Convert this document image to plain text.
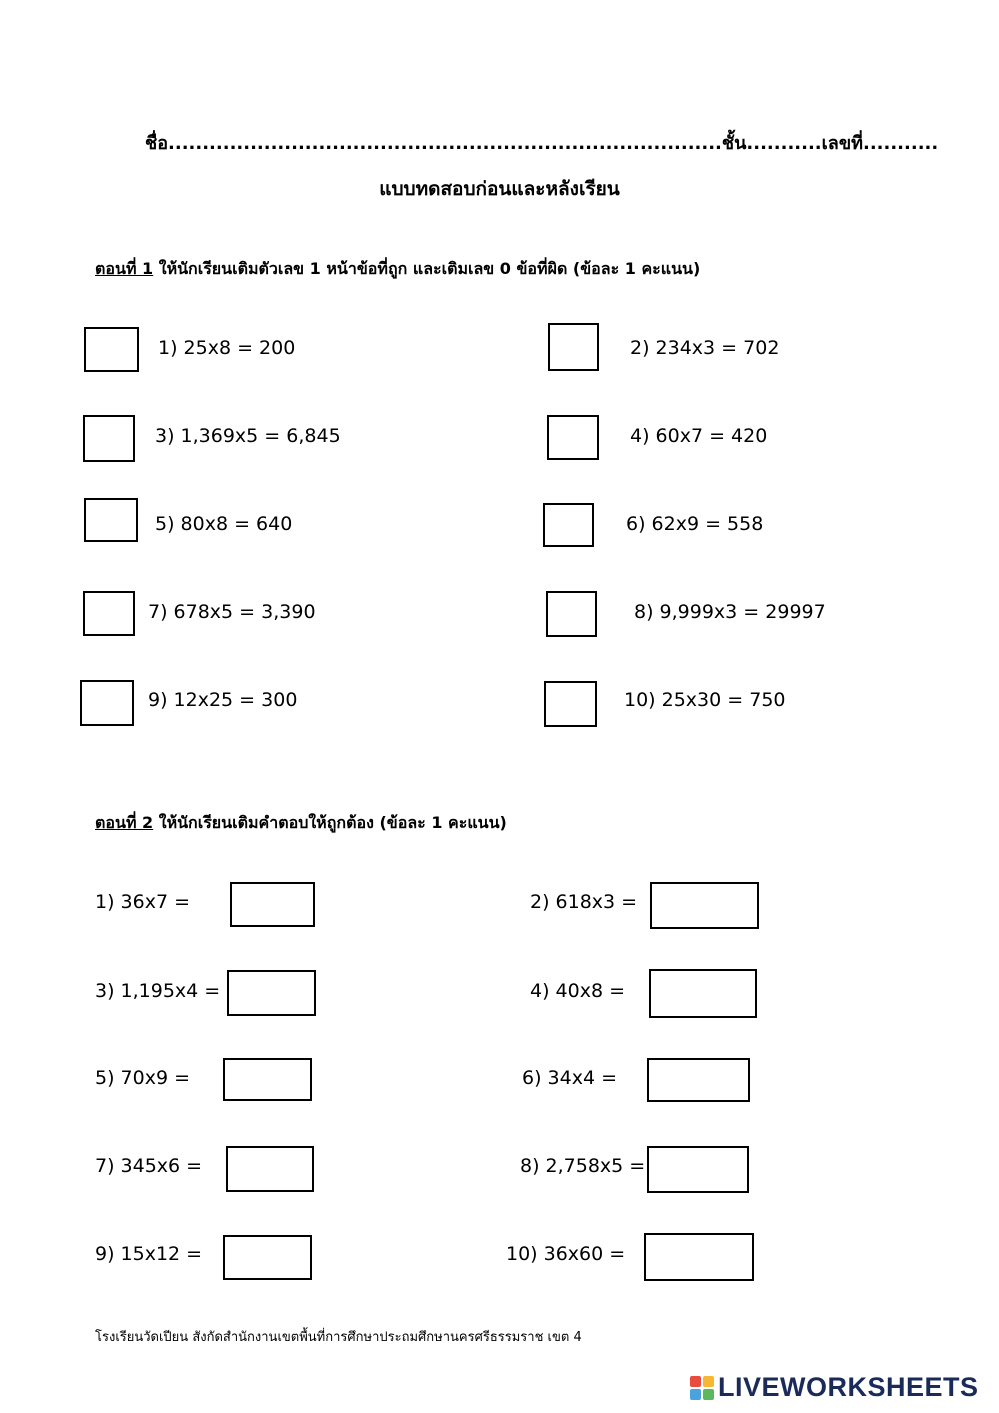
ชื่อ.................................................................................ชั้น...........เลขที่...........
แบบทดสอบก่อนและหลังเรียน
ตอนที่ 1 ให้นักเรียนเติมตัวเลข 1 หน้าข้อที่ถูก และเติมเลข 0 ข้อที่ผิด (ข้อละ 1 คะแนน)
1) 25x8 = 200	2) 234x3 = 702
3) 1,369x5 = 6,845	4) 60x7 = 420
5) 80x8 = 640	6) 62x9 = 558
7) 678x5 = 3,390	8) 9,999x3 = 29997
9) 12x25 = 300	10) 25x30 = 750
ตอนที่ 2 ให้นักเรียนเติมคำตอบให้ถูกต้อง (ข้อละ 1 คะแนน)
1) 36x7 =	2) 618x3 =
3) 1,195x4 =	4) 40x8 =
5) 70x9 =	6) 34x4 =
7) 345x6 =	8) 2,758x5 =
9) 15x12 =	10) 36x60 =
โรงเรียนวัดเปียน สังกัดสำนักงานเขตพื้นที่การศึกษาประถมศึกษานครศรีธรรมราช เขต 4
LIVEWORKSHEETS
